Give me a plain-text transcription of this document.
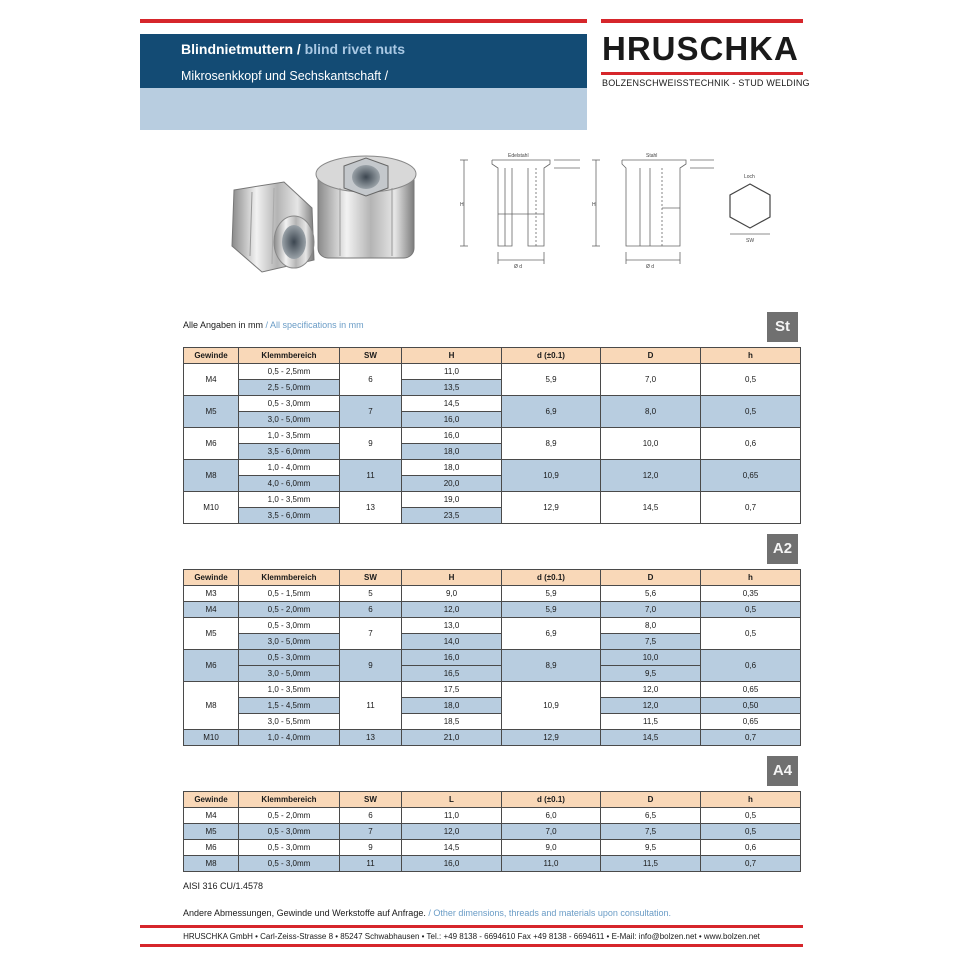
Blindnietmuttern / blind rivet nuts
Mikrosenkkopf und Sechskantschaft /
HRUSCHKA
BOLZENSCHWEISSTECHNIK - STUD WELDING
Edelstahl	Stahl
H	H
Ø d	Ø d
Loch
SW
Alle Angaben in mm / All specifications in mm	St
A2
A4
Gewinde	Klemmbereich	SW	H	d (±0.1)	D	h
M4	0,5 - 2,5mm	6	11,0	5,9	7,0	0,5
	2,5 - 5,0mm		13,5			
M5	0,5 - 3,0mm	7	14,5	6,9	8,0	0,5
	3,0 - 5,0mm		16,0			
M6	1,0 - 3,5mm	9	16,0	8,9	10,0	0,6
	3,5 - 6,0mm		18,0			
M8	1,0 - 4,0mm	11	18,0	10,9	12,0	0,65
	4,0 - 6,0mm		20,0			
M10	1,0 - 3,5mm	13	19,0	12,9	14,5	0,7
	3,5 - 6,0mm		23,5			
Gewinde	Klemmbereich	SW	H	d (±0.1)	D	h
M3	0,5 - 1,5mm	5	9,0	5,9	5,6	0,35
M4	0,5 - 2,0mm	6	12,0	5,9	7,0	0,5
M5	0,5 - 3,0mm	7	13,0	6,9	8,0	0,5
	3,0 - 5,0mm		14,0		7,5	
M6	0,5 - 3,0mm	9	16,0	8,9	10,0	0,6
	3,0 - 5,0mm		16,5		9,5	
M8	1,0 - 3,5mm	11	17,5	10,9	12,0	0,65
	1,5 - 4,5mm		18,0		12,0	0,50
	3,0 - 5,5mm		18,5		11,5	0,65
M10	1,0 - 4,0mm	13	21,0	12,9	14,5	0,7
Gewinde	Klemmbereich	SW	L	d (±0.1)	D	h
M4	0,5 - 2,0mm	6	11,0	6,0	6,5	0,5
M5	0,5 - 3,0mm	7	12,0	7,0	7,5	0,5
M6	0,5 - 3,0mm	9	14,5	9,0	9,5	0,6
M8	0,5 - 3,0mm	11	16,0	11,0	11,5	0,7
AISI 316 CU/1.4578
Andere Abmessungen, Gewinde und Werkstoffe auf Anfrage. / Other dimensions, threads and materials upon consultation.
HRUSCHKA GmbH • Carl-Zeiss-Strasse 8 • 85247 Schwabhausen • Tel.: +49 8138 - 6694610 Fax +49 8138 - 6694611 • E-Mail: info@bolzen.net • www.bolzen.net
